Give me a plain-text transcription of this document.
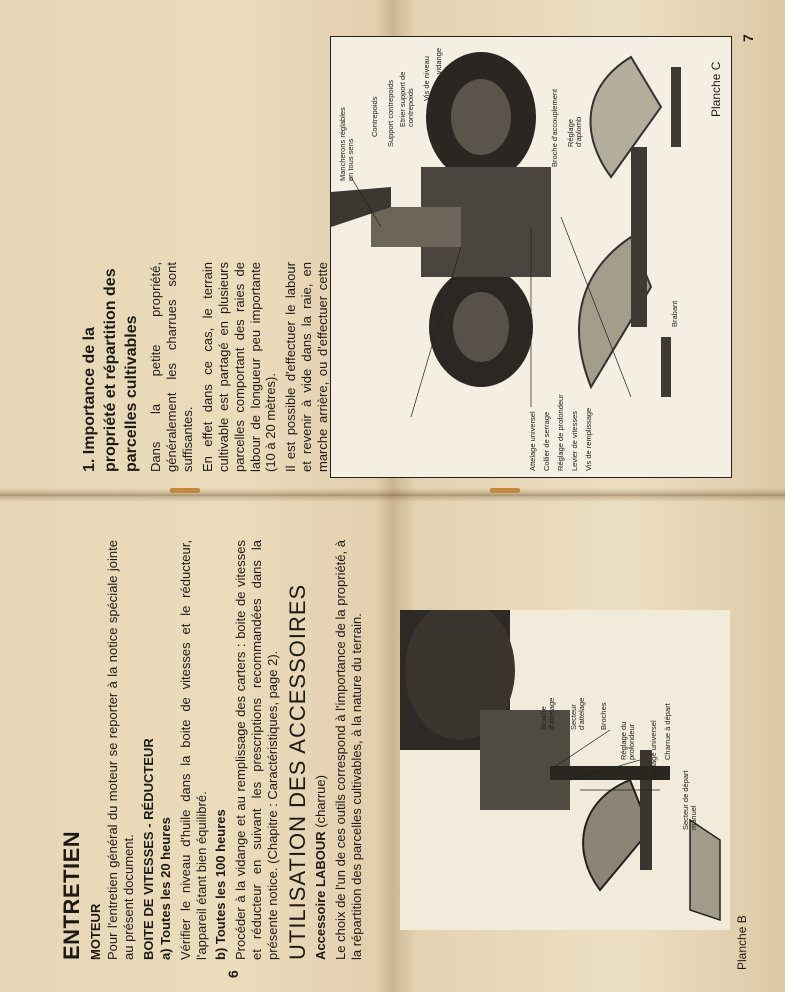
1. Importance de la propriété et répartition des parcelles cultivables Dans la petite propriété, généralement les charrues sont suffisantes. En effet dans ce cas, le terrain cultivable est partagé en plusieurs parcelles comportant des raies de labour de longueur peu importante (10 à 20 mètres). Il est possible d'effectuer le labour et revenir à vide dans la raie, en marche arrière, ou d'effectuer cette

Mancherons réglables en tous sens
Contrepoids Support contrepoids Etrier support de contrepoids
Vis de niveau Vis de vidange
Broche d'accouplement Réglage d'aplomb
Brabant
Attelage universel Collier de serrage Réglage de profondeur Levier de vitesses Vis de remplissage
Planche C
7
6
ENTRETIEN MOTEUR Pour l'entretien général du moteur se reporter à la notice spéciale jointe au présent document. BOITE DE VITESSES - RÉDUCTEUR a) Toutes les 20 heures Vérifier le niveau d'huile dans la boite de vitesses et le réducteur, l'appareil étant bien équilibré. b) Toutes les 100 heures Procéder à la vidange et au remplissage des carters : boite de vitesses et réducteur en suivant les prescriptions recommandées dans la présente notice. (Chapitre : Caractéristiques, page 2). UTILISATION DES ACCESSOIRES Accessoire LABOUR (charrue) Le choix de l'un de ces outils correspond à l'importance de la propriété, à la répartition des parcelles cultivables, à la nature du terrain.	Broche d'attelage Secteur d'attelage Broches
Réglage du profondeur Attelage universel Charrue à départ
Secteur de départ manuel
Planche B
